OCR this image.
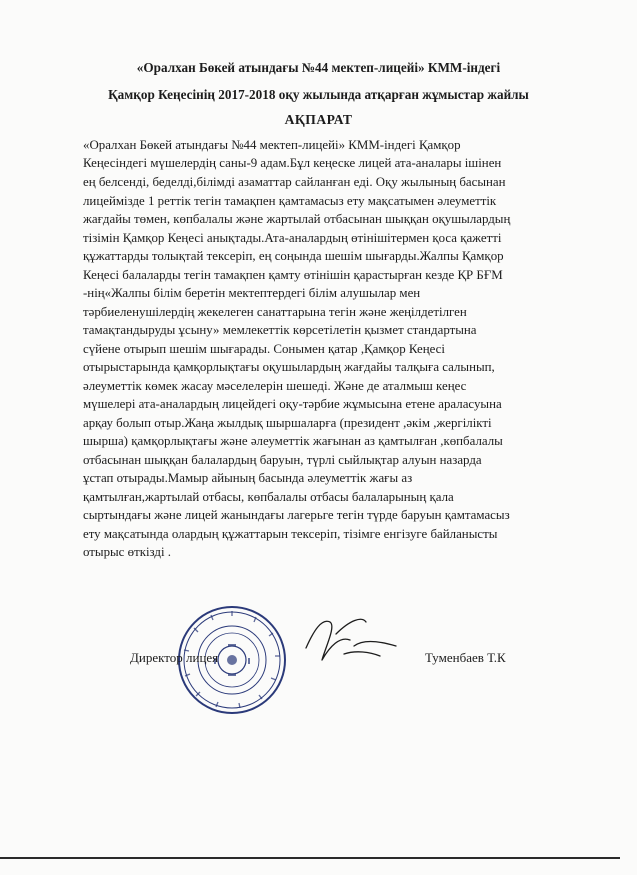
«Оралхан Бөкей атындағы №44 мектеп-лицейі» КММ-індегі
Қамқор Кеңесінің 2017-2018 оқу жылында атқарған жұмыстар жайлы
АҚПАРАТ
«Оралхан Бөкей атындағы №44 мектеп-лицейі» КММ-індегі Қамқор
Кеңесіндегі мүшелердің саны-9 адам.Бұл кеңеске лицей ата-аналары ішінен
ең белсенді, беделді,білімді азаматтар сайланған еді. Оқу жылының басынан
лицеймізде 1 реттік тегін тамақпен қамтамасыз ету мақсатымен әлеуметтік
жағдайы төмен, көпбалалы және жартылай отбасынан шыққан оқушылардың
тізімін Қамқор Кеңесі анықтады.Ата-аналардың өтінішітермен қоса қажетті
құжаттарды толықтай тексеріп, ең соңында шешім шығарды.Жалпы Қамқор
Кеңесі балаларды тегін тамақпен қамту өтінішін қарастырған кезде ҚР БҒМ
-нің«Жалпы білім беретін мектептердегі білім алушылар мен
тәрбиеленушілердің жекелеген санаттарына тегін және жеңілдетілген
тамақтандыруды ұсыну» мемлекеттік көрсетілетін қызмет стандартына
сүйене отырып шешім шығарады. Сонымен қатар ,Қамқор Кеңесі
отырыстарында қамқорлықтағы оқушылардың жағдайы талқыға салынып,
әлеуметтік көмек жасау мәселелерін шешеді. Және де аталмыш кеңес
мүшелері ата-аналардың лицейдегі оқу-тәрбие жұмысына етене араласуына
арқау болып отыр.Жаңа жылдық шыршаларға (президент ,әкім ,жергілікті
шырша) қамқорлықтағы және әлеуметтік жағынан аз қамтылған ,көпбалалы
отбасынан шыққан балалардың баруын, түрлі сыйлықтар алуын назарда
ұстап отырады.Мамыр айының басында әлеуметтік жағы аз
қамтылған,жартылай отбасы, көпбалалы отбасы балаларының қала
сыртындағы және лицей жанындағы лагерьге тегін түрде баруын қамтамасыз
ету мақсатында олардың құжаттарын тексеріп, тізімге енгізуге байланысты
отырыс өткізді .
Директор лицея	Туменбаев Т.К
